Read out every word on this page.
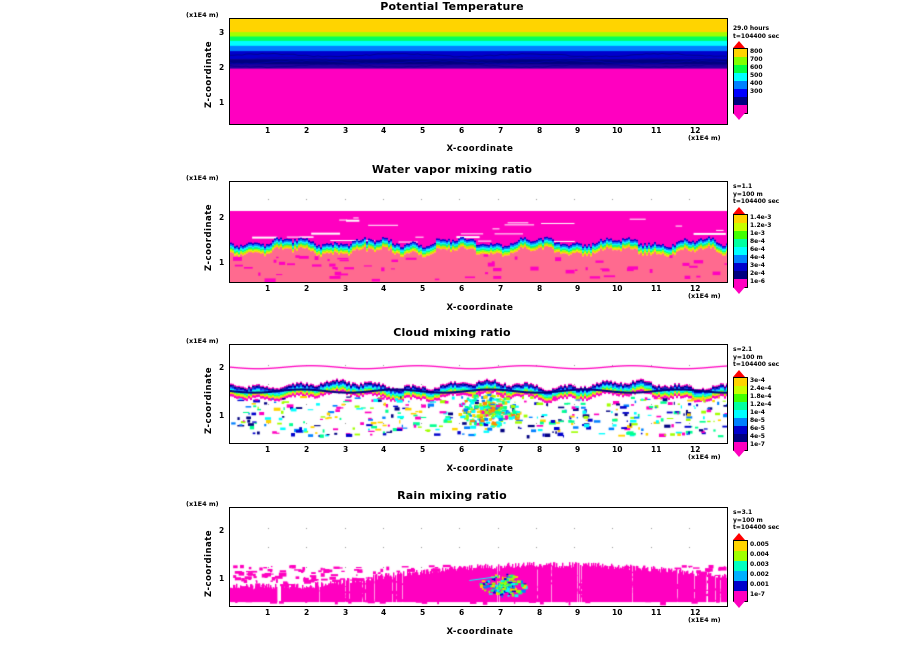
Potential Temperature
(x1E4 m)
Z-coordinate 1
2
3
1	2	3	4	5	6	7	8	9	10	11	12
(x1E4 m)
X-coordinate
29.0 hours
t=104400 sec
800
700
600
500
400
300
Water vapor mixing ratio
(x1E4 m)
Z-coordinate 1
2
1	2	3	4	5	6	7	8	9	10	11	12
(x1E4 m)
X-coordinate
s=1.1
y=100 m
t=104400 sec
1.4e-3
1.2e-3
1e-3
8e-4
6e-4
4e-4
3e-4
2e-4
1e-6
Cloud mixing ratio
(x1E4 m)
Z-coordinate 1
2
1	2	3	4	5	6	7	8	9	10	11	12
(x1E4 m)
X-coordinate
s=2.1
y=100 m
t=104400 sec
3e-4
2.4e-4
1.8e-4
1.2e-4
1e-4
8e-5
6e-5
4e-5
1e-7
Rain mixing ratio
(x1E4 m)
Z-coordinate 1
2
1	2	3	4	5	6	7	8	9	10	11	12
(x1E4 m)
X-coordinate
s=3.1
y=100 m
t=104400 sec
0.005
0.004
0.003
0.002
0.001
1e-7
